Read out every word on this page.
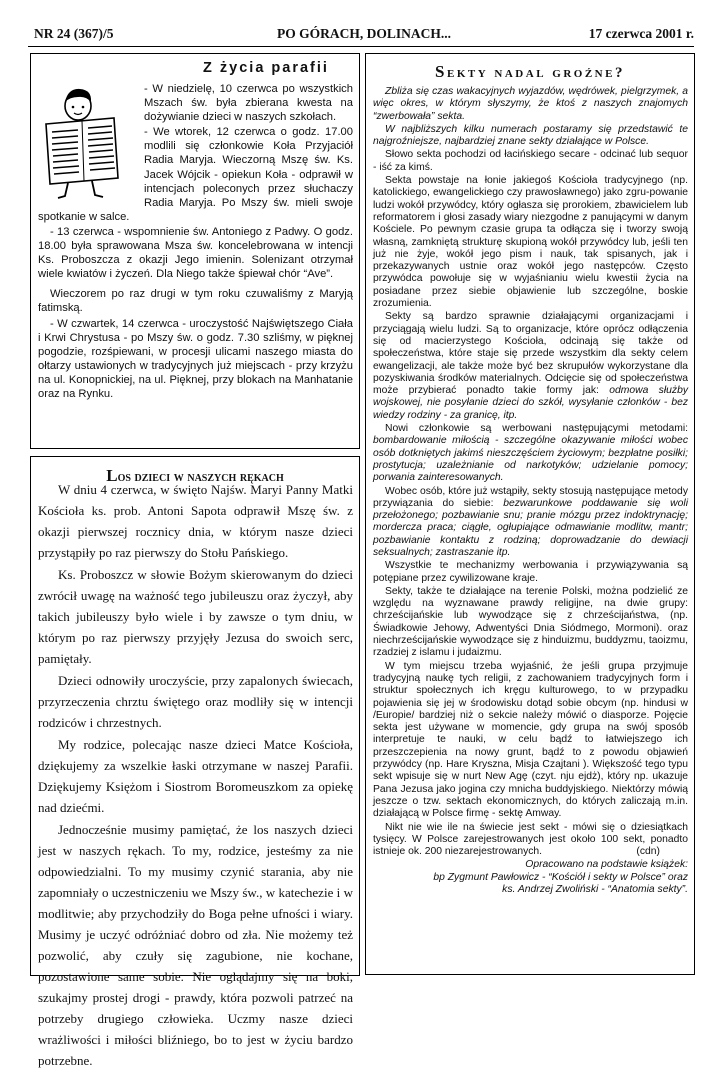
NR 24 (367)/5	PO GÓRACH, DOLINACH...	17 czerwca 2001 r.
Z życia parafii

- W niedzielę, 10 czerwca po wszystkich Mszach św. była zbierana kwesta na dożywianie dzieci w naszych szkołach.

- We wtorek, 12 czerwca o godz. 17.00 modlili się członkowie Koła Przyjaciół Radia Maryja. Wieczorną Mszę św. Ks. Jacek Wójcik - opiekun Koła - odprawił w intencjach poleconych przez słuchaczy Radia Maryja. Po Mszy św. mieli swoje spotkanie w salce.

- 13 czerwca - wspomnienie św. Antoniego z Padwy. O godz. 18.00 była sprawowana Msza św. koncelebrowana w intencji Ks. Proboszcza z okazji Jego imienin. Solenizant otrzymał wiele kwiatów i życzeń. Dla Niego także śpiewał chór “Ave”.

Wieczorem po raz drugi w tym roku czuwaliśmy z Maryją fatimską.

- W czwartek, 14 czerwca - uroczystość Najświętszego Ciała i Krwi Chrystusa - po Mszy św. o godz. 7.30 szliśmy, w pięknej pogodzie, rozśpiewani, w procesji ulicami naszego miasta do ołtarzy ustawionych w tradycyjnych już miejscach - przy krzyżu na ul. Konopnickiej, na ul. Pięknej, przy blokach na Manhatanie oraz na Rynku.

Los dzieci w naszych rękach

W dniu 4 czerwca, w święto Najśw. Maryi Panny Matki Kościoła ks. prob. Antoni Sapota odprawił Mszę św. z okazji pierwszej rocznicy dnia, w którym nasze dzieci przystąpiły po raz pierwszy do Stołu Pańskiego.

Ks. Proboszcz w słowie Bożym skierowanym do dzieci zwrócił uwagę na ważność tego jubileuszu oraz życzył, aby takich jubileuszy było wiele i by zawsze o tym dniu, w którym po raz pierwszy przyjęły Jezusa do swoich serc, pamiętały.

Dzieci odnowiły uroczyście, przy zapalonych świecach, przyrzeczenia chrztu świętego oraz modliły się w intencji rodziców i chrzestnych.

My rodzice, polecając nasze dzieci Matce Kościoła, dziękujemy za wszelkie łaski otrzymane w naszej Parafii. Dziękujemy Księżom i Siostrom Boromeuszkom za opiekę nad dziećmi.

Jednocześnie musimy pamiętać, że los naszych dzieci jest w naszych rękach. To my, rodzice, jesteśmy za nie odpowiedzialni. To my musimy czynić starania, aby nie zapomniały o uczestniczeniu we Mszy św., w katechezie i w modlitwie; aby przychodziły do Boga pełne ufności i wiary. Musimy je uczyć odróżniać dobro od zła. Nie możemy też pozwolić, aby czuły się zagubione, nie kochane, pozostawione same sobie. Nie oglądajmy się na boki, szukajmy prostej drogi - prawdy, która pozwoli patrzeć na potrzeby drugiego człowieka. Uczmy nasze dzieci wrażliwości i miłości bliźniego, bo to jest w życiu bardzo potrzebne.

Sekty nadal groźne?

Zbliża się czas wakacyjnych wyjazdów, wędrówek, pielgrzymek, a więc okres, w którym słyszymy, że ktoś z naszych znajomych “zwerbowała” sekta.

W najbliższych kilku numerach postaramy się przedstawić te najgroźniejsze, najbardziej znane sekty działające w Polsce.

Słowo sekta pochodzi od łacińskiego secare - odcinać lub sequor - iść za kimś.

Sekta powstaje na łonie jakiegoś Kościoła tradycyjnego (np. katolickiego, ewangelickiego czy prawosławnego) jako zgru-powanie ludzi wokół przywódcy, który ogłasza się prorokiem, zbawicielem lub reformatorem i głosi zasady wiary niezgodne z panującymi w danym Kościele. Po pewnym czasie grupa ta odłącza się i tworzy swoją własną, zamkniętą strukturę skupioną wokół przywódcy lub, jeśli ten już nie żyje, wokół jego pism i nauk, tak spisanych, jak i przekazywanych ustnie oraz wokół jego następców. Często przywódca powołuje się w wyjaśnianiu wielu kwestii życia na posiadane przez siebie objawienie lub szczególne, boskie zrozumienia.

Sekty są bardzo sprawnie działającymi organizacjami i przyciągają wielu ludzi. Są to organizacje, które oprócz odłączenia się od macierzystego Kościoła, odcinają się także od społeczeństwa, które staje się przede wszystkim dla sekty celem ewangelizacji, ale także może być bez skrupułów wykorzystane dla pozyskiwania środków materialnych. Odcięcie się od społeczeństwa może przybierać ponadto takie formy jak: odmowa służby wojskowej, nie posyłanie dzieci do szkół, wysyłanie członków - bez wiedzy rodziny - za granicę, itp.

Nowi członkowie są werbowani następującymi metodami: bombardowanie miłością - szczególne okazywanie miłości wobec osób dotkniętych jakimś nieszczęściem życiowym; bezpłatne posiłki; prostytucja; uzależnianie od narkotyków; udzielanie pomocy; porwania zainteresowanych.

Wobec osób, które już wstąpiły, sekty stosują następujące metody przywiązania do siebie: bezwarunkowe poddawanie się woli przełożonego; pozbawianie snu; pranie mózgu przez indoktrynację; mordercza praca; ciągłe, ogłupiające odmawianie modlitw, mantr; pozbawianie kontaktu z rodziną; doprowadzanie do dewiacji seksualnych; zastraszanie itp.

Wszystkie te mechanizmy werbowania i przywiązywania są potępiane przez cywilizowane kraje.

Sekty, także te działające na terenie Polski, można podzielić ze względu na wyznawane prawdy religijne, na dwie grupy: chrześcijańskie lub wywodzące się z chrześcijaństwa, (np. Świadkowie Jehowy, Adwentyści Dnia Siódmego, Mormoni). oraz niechrześcijańskie wywodzące się z hinduizmu, buddyzmu, taoizmu, rzadziej z islamu i judaizmu.

W tym miejscu trzeba wyjaśnić, że jeśli grupa przyjmuje tradycyjną naukę tych religii, z zachowaniem tradycyjnych form i struktur społecznych ich kręgu kulturowego, to w przypadku pojawienia się jej w środowisku dotąd sobie obcym (np. hindusi w /Europie/ bardziej niż o sekcie należy mówić o diasporze. Pojęcie sekta jest używane w momencie, gdy grupa na swój sposób interpretuje te nauki, w celu bądź to łatwiejszego ich przeszczepienia na nowy grunt, bądź to z powodu objawień przywódcy (np. Hare Kryszna, Misja Czajtani ). Większość tego typu sekt wpisuje się w nurt New Agę (czyt. nju ejdż), który np. ukazuje Pana Jezusa jako jogina czy mnicha buddyjskiego. Niektórzy mówią jeszcze o tzw. sektach ekonomicznych, do których zaliczają m.in. działającą w Polsce firmę - sektę Amway.

Nikt nie wie ile na świecie jest sekt - mówi się o dziesiątkach tysięcy. W Polsce zarejestrowanych jest około 100 sekt, ponadto istnieje ok. 200 niezarejestrowanych.	(cdn)

Opracowano na podstawie książek:

bp Zygmunt Pawłowicz - “Kościół i sekty w Polsce” oraz

ks. Andrzej Zwoliński - “Anatomia sekty”.
